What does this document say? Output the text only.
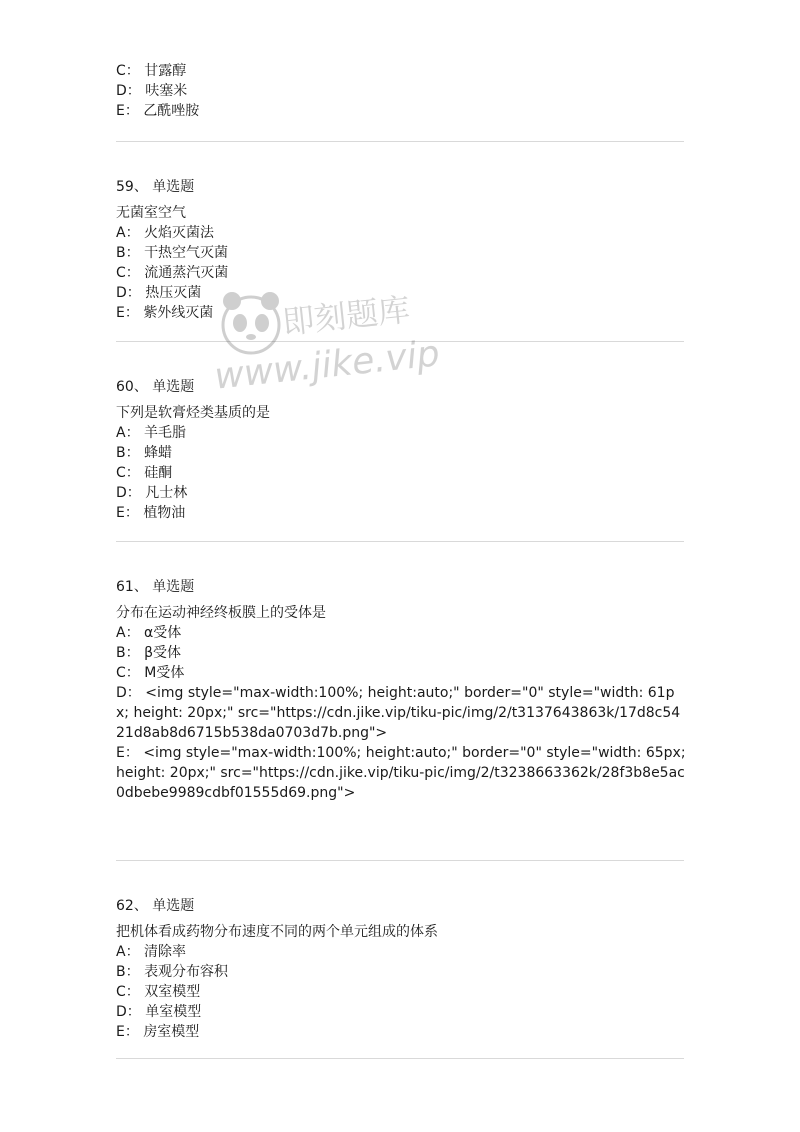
C： 甘露醇
D： 呋塞米
E： 乙酰唑胺
59、 单选题
无菌室空气
A： 火焰灭菌法
B： 干热空气灭菌
C： 流通蒸汽灭菌
D： 热压灭菌
E： 紫外线灭菌
60、 单选题
下列是软膏烃类基质的是
A： 羊毛脂
B： 蜂蜡
C： 硅酮
D： 凡士林
E： 植物油
61、 单选题
分布在运动神经终板膜上的受体是
A： α受体
B： β受体
C： M受体
D： <img style="max-width:100%; height:auto;" border="0" style="width: 61px; height: 20px;" src="https://cdn.jike.vip/tiku-pic/img/2/t3137643863k/17d8c5421d8ab8d6715b538da0703d7b.png">
E： <img style="max-width:100%; height:auto;" border="0" style="width: 65px; height: 20px;" src="https://cdn.jike.vip/tiku-pic/img/2/t3238663362k/28f3b8e5ac0dbebe9989cdbf01555d69.png">
62、 单选题
把机体看成药物分布速度不同的两个单元组成的体系
A： 清除率
B： 表观分布容积
C： 双室模型
D： 单室模型
E： 房室模型
即刻题库
www.jike.vip
